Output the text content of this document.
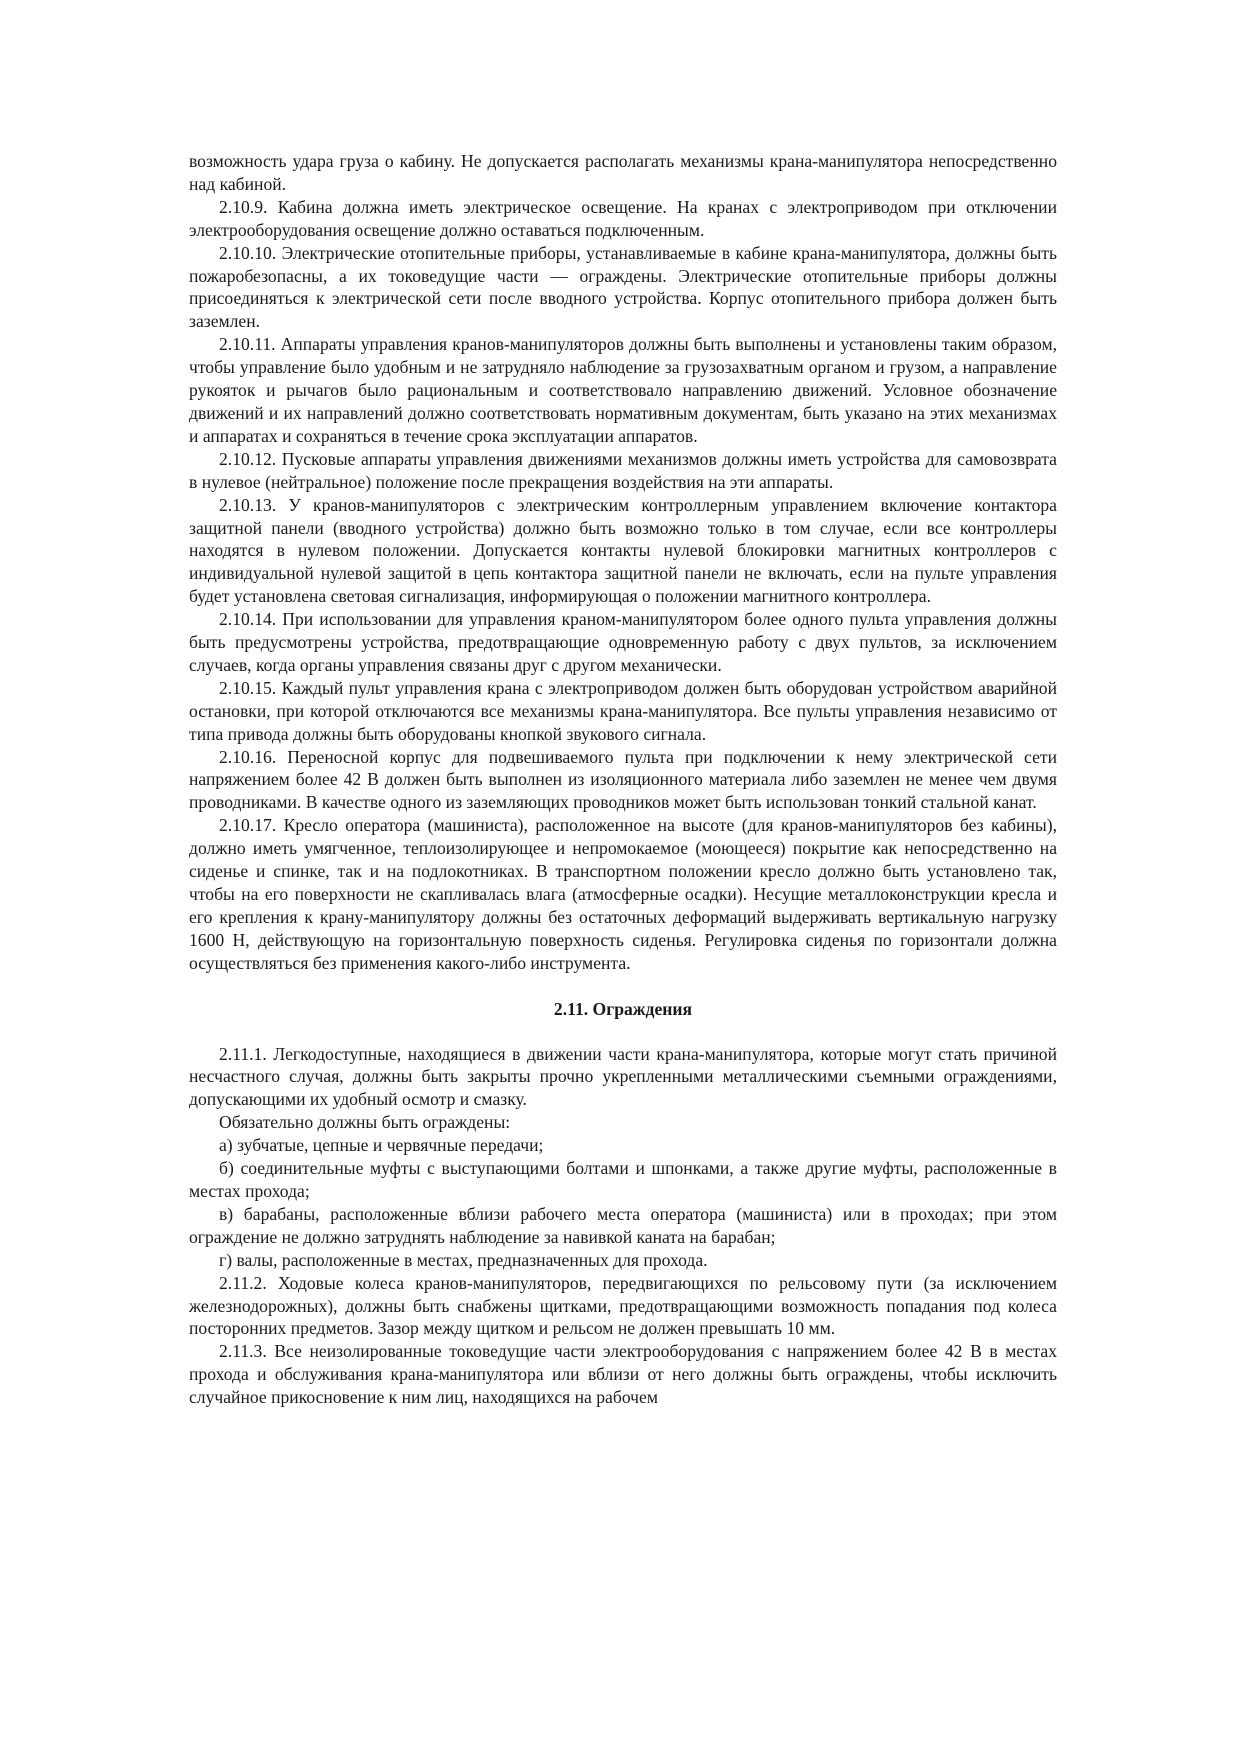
возможность удара груза о кабину. Не допускается располагать механизмы крана-манипулятора непосредственно над кабиной.

2.10.9. Кабина должна иметь электрическое освещение. На кранах с электроприводом при отключении электрооборудования освещение должно оставаться подключенным.

2.10.10. Электрические отопительные приборы, устанавливаемые в кабине крана-манипулятора, должны быть пожаробезопасны, а их токоведущие части — ограждены. Электрические отопительные приборы должны присоединяться к электрической сети после вводного устройства. Корпус отопительного прибора должен быть заземлен.

2.10.11. Аппараты управления кранов-манипуляторов должны быть выполнены и установлены таким образом, чтобы управление было удобным и не затрудняло наблюдение за грузозахватным органом и грузом, а направление рукояток и рычагов было рациональным и соответствовало направлению движений. Условное обозначение движений и их направлений должно соответствовать нормативным документам, быть указано на этих механизмах и аппаратах и сохраняться в течение срока эксплуатации аппаратов.

2.10.12. Пусковые аппараты управления движениями механизмов должны иметь устройства для самовозврата в нулевое (нейтральное) положение после прекращения воздействия на эти аппараты.

2.10.13. У кранов-манипуляторов с электрическим контроллерным управлением включение контактора защитной панели (вводного устройства) должно быть возможно только в том случае, если все контроллеры находятся в нулевом положении. Допускается контакты нулевой блокировки магнитных контроллеров с индивидуальной нулевой защитой в цепь контактора защитной панели не включать, если на пульте управления будет установлена световая сигнализация, информирующая о положении магнитного контроллера.

2.10.14. При использовании для управления краном-манипулятором более одного пульта управления должны быть предусмотрены устройства, предотвращающие одновременную работу с двух пультов, за исключением случаев, когда органы управления связаны друг с другом механически.

2.10.15. Каждый пульт управления крана с электроприводом должен быть оборудован устройством аварийной остановки, при которой отключаются все механизмы крана-манипулятора. Все пульты управления независимо от типа привода должны быть оборудованы кнопкой звукового сигнала.

2.10.16. Переносной корпус для подвешиваемого пульта при подключении к нему электрической сети напряжением более 42 В должен быть выполнен из изоляционного материала либо заземлен не менее чем двумя проводниками. В качестве одного из заземляющих проводников может быть использован тонкий стальной канат.

2.10.17. Кресло оператора (машиниста), расположенное на высоте (для кранов-манипуляторов без кабины), должно иметь умягченное, теплоизолирующее и непромокаемое (моющееся) покрытие как непосредственно на сиденье и спинке, так и на подлокотниках. В транспортном положении кресло должно быть установлено так, чтобы на его поверхности не скапливалась влага (атмосферные осадки). Несущие металлоконструкции кресла и его крепления к крану-манипулятору должны без остаточных деформаций выдерживать вертикальную нагрузку 1600 Н, действующую на горизонтальную поверхность сиденья. Регулировка сиденья по горизонтали должна осуществляться без применения какого-либо инструмента.

2.11. Ограждения

2.11.1. Легкодоступные, находящиеся в движении части крана-манипулятора, которые могут стать причиной несчастного случая, должны быть закрыты прочно укрепленными металлическими съемными ограждениями, допускающими их удобный осмотр и смазку.

Обязательно должны быть ограждены:

а) зубчатые, цепные и червячные передачи;

б) соединительные муфты с выступающими болтами и шпонками, а также другие муфты, расположенные в местах прохода;

в) барабаны, расположенные вблизи рабочего места оператора (машиниста) или в проходах; при этом ограждение не должно затруднять наблюдение за навивкой каната на барабан;

г) валы, расположенные в местах, предназначенных для прохода.

2.11.2. Ходовые колеса кранов-манипуляторов, передвигающихся по рельсовому пути (за исключением железнодорожных), должны быть снабжены щитками, предотвращающими возможность попадания под колеса посторонних предметов. Зазор между щитком и рельсом не должен превышать 10 мм.

2.11.3. Все неизолированные токоведущие части электрооборудования с напряжением более 42 В в местах прохода и обслуживания крана-манипулятора или вблизи от него должны быть ограждены, чтобы исключить случайное прикосновение к ним лиц, находящихся на рабочем
